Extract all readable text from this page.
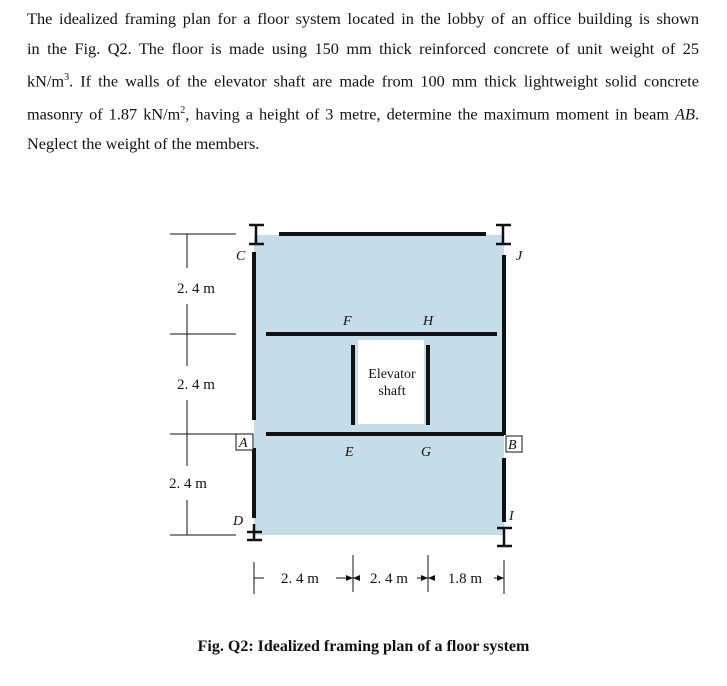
The idealized framing plan for a floor system located in the lobby of an office building is shown
in the Fig. Q2. The floor is made using 150 mm thick reinforced concrete of unit weight of 25
$kN/m^3$. If the walls of the elevator shaft are made from 100 mm thick lightweight solid concrete
masonry of 1.87 $kN/m^2$, having a height of 3 metre, determine the maximum moment in beam AB.
Neglect the weight of the members.
C	J
F	H
A	B
E	G
D	I
Elevator
shaft
2. 4 m
2. 4 m
2. 4 m
2. 4 m	2. 4 m	1.8 m
Fig. Q2: Idealized framing plan of a floor system
